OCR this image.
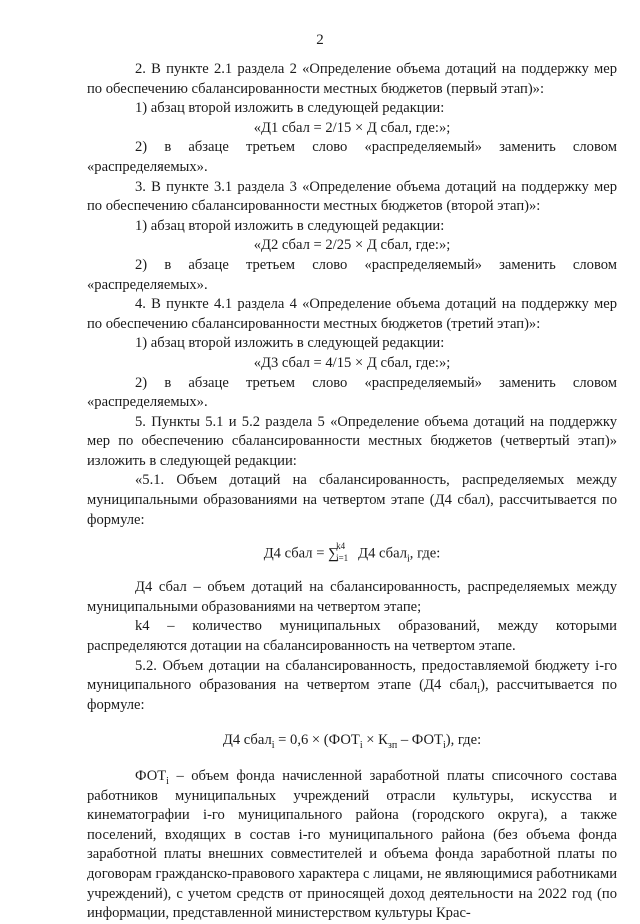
2

2. В пункте 2.1 раздела 2 «Определение объема дотаций на поддержку мер по обеспечению сбалансированности местных бюджетов (первый этап)»:

1) абзац второй изложить в следующей редакции:

«Д1 сбал = 2/15 × Д сбал, где:»;

2) в абзаце третьем слово «распределяемый» заменить словом «распределяемых».

3. В пункте 3.1 раздела 3 «Определение объема дотаций на поддержку мер по обеспечению сбалансированности местных бюджетов (второй этап)»:

1) абзац второй изложить в следующей редакции:

«Д2 сбал = 2/25 × Д сбал, где:»;

2) в абзаце третьем слово «распределяемый» заменить словом «распределяемых».

4. В пункте 4.1 раздела 4 «Определение объема дотаций на поддержку мер по обеспечению сбалансированности местных бюджетов (третий этап)»:

1) абзац второй изложить в следующей редакции:

«Д3 сбал = 4/15 × Д сбал, где:»;

2) в абзаце третьем слово «распределяемый» заменить словом «распределяемых».

5. Пункты 5.1 и 5.2 раздела 5 «Определение объема дотаций на поддержку мер по обеспечению сбалансированности местных бюджетов (четвертый этап)» изложить в следующей редакции:

«5.1. Объем дотаций на сбалансированность, распределяемых между муниципальными образованиями на четвертом этапе (Д4 сбал), рассчитывается по формуле:

Д4 сбал = ∑
k4
i=1 Д4 сбал$_i$, где:

Д4 сбал – объем дотаций на сбалансированность, распределяемых между муниципальными образованиями на четвертом этапе;

k4 – количество муниципальных образований, между которыми распределяются дотации на сбалансированность на четвертом этапе.

5.2. Объем дотации на сбалансированность, предоставляемой бюджету i-го муниципального образования на четвертом этапе (Д4 сбал$_i$), рассчитывается по формуле:

Д4 сбал$_i$ = $0,6 \times (ФОТ_i \times К_{зп} - ФОТ_i)$, где:

$ФОТ_i$ – объем фонда начисленной заработной платы списочного состава работников муниципальных учреждений отрасли культуры, искусства и кинематографии i-го муниципального района (городского округа), а также поселений, входящих в состав i-го муниципального района (без объема фонда заработной платы внешних совместителей и объема фонда заработной платы по договорам гражданско-правового характера с лицами, не являющимися работниками учреждений), с учетом средств от приносящей доход деятельности на 2022 год (по информации, представленной министерством культуры Крас-
